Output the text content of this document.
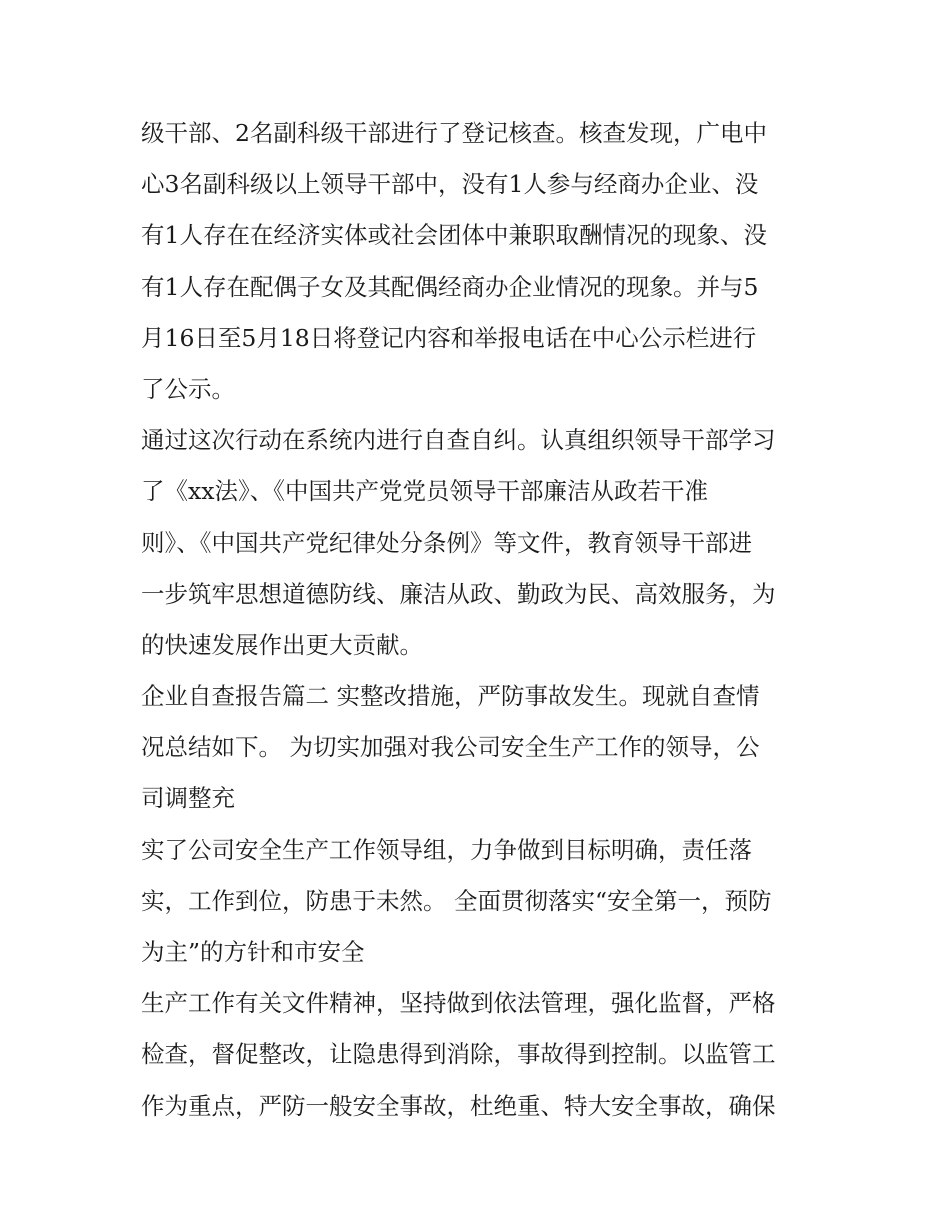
级干部、2名副科级干部进行了登记核查。核查发现，广电中
心3名副科级以上领导干部中，没有1人参与经商办企业、没
有1人存在在经济实体或社会团体中兼职取酬情况的现象、没
有1人存在配偶子女及其配偶经商办企业情况的现象。并与5
月16日至5月18日将登记内容和举报电话在中心公示栏进行
了公示。
通过这次行动在系统内进行自查自纠。认真组织领导干部学习
了《xx法》、《中国共产党党员领导干部廉洁从政若干准
则》、《中国共产党纪律处分条例》等文件，教育领导干部进
一步筑牢思想道德防线、廉洁从政、勤政为民、高效服务，为
的快速发展作出更大贡献。
企业自查报告篇二 实整改措施，严防事故发生。现就自查情
况总结如下。 为切实加强对我公司安全生产工作的领导，公
司调整充
实了公司安全生产工作领导组，力争做到目标明确，责任落
实，工作到位，防患于未然。 全面贯彻落实“安全第一，预防
为主”的方针和市安全
生产工作有关文件精神，坚持做到依法管理，强化监督，严格
检查，督促整改，让隐患得到消除，事故得到控制。以监管工
作为重点，严防一般安全事故，杜绝重、特大安全事故，确保
